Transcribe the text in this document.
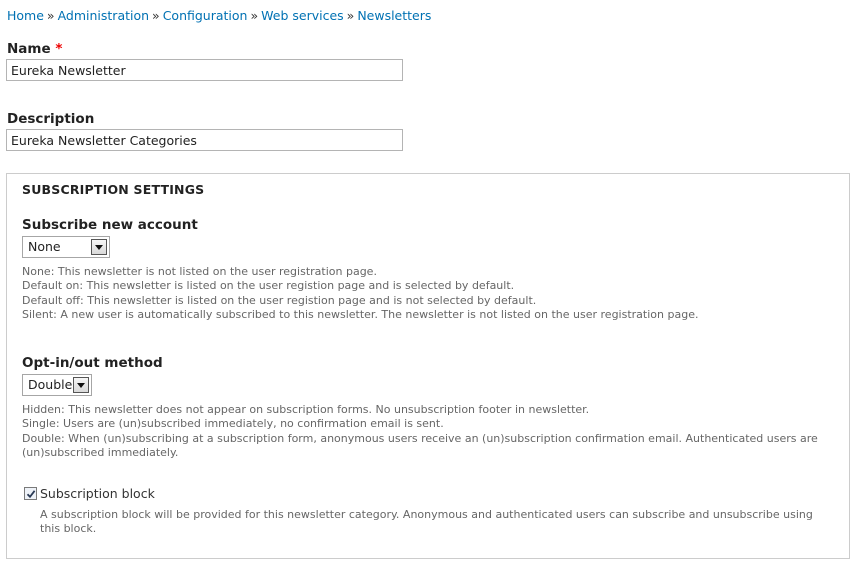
Home » Administration » Configuration » Web services » Newsletters
Name *
Eureka Newsletter
Description
Eureka Newsletter Categories
SUBSCRIPTION SETTINGS
Subscribe new account
None
None: This newsletter is not listed on the user registration page.
Default on: This newsletter is listed on the user registion page and is selected by default.
Default off: This newsletter is listed on the user registion page and is not selected by default.
Silent: A new user is automatically subscribed to this newsletter. The newsletter is not listed on the user registration page.
Opt-in/out method
Double
Hidden: This newsletter does not appear on subscription forms. No unsubscription footer in newsletter.
Single: Users are (un)subscribed immediately, no confirmation email is sent.
Double: When (un)subscribing at a subscription form, anonymous users receive an (un)subscription confirmation email. Authenticated users are (un)subscribed immediately.
Subscription block
A subscription block will be provided for this newsletter category. Anonymous and authenticated users can subscribe and unsubscribe using this block.
